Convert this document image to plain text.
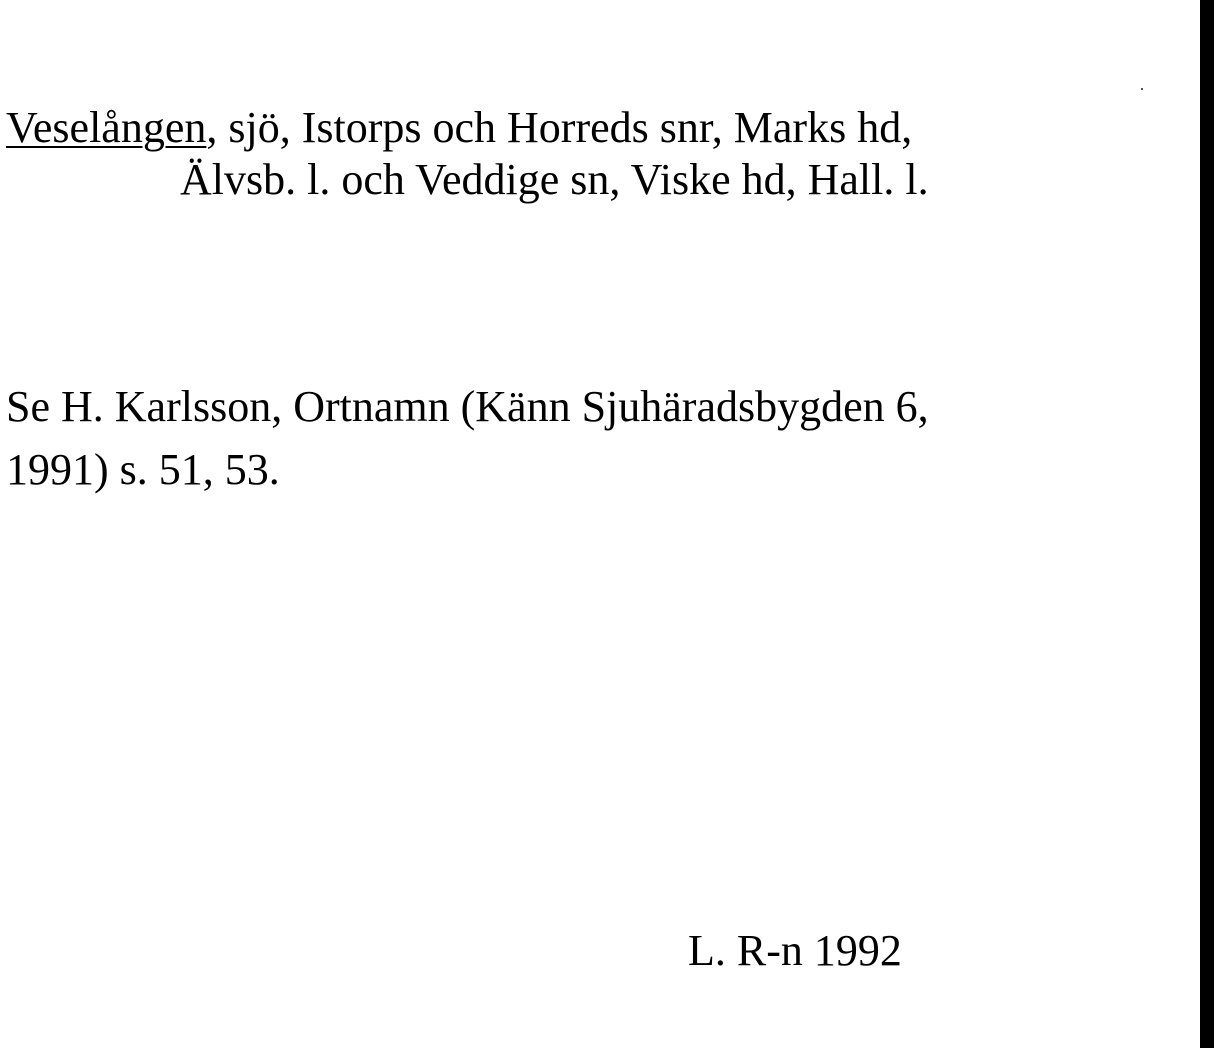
Veselången, sjö, Istorps och Horreds snr, Marks hd,
Älvsb. l. och Veddige sn, Viske hd, Hall. l.
Se H. Karlsson, Ortnamn (Känn Sjuhäradsbygden 6,
1991) s. 51, 53.
L. R-n 1992
